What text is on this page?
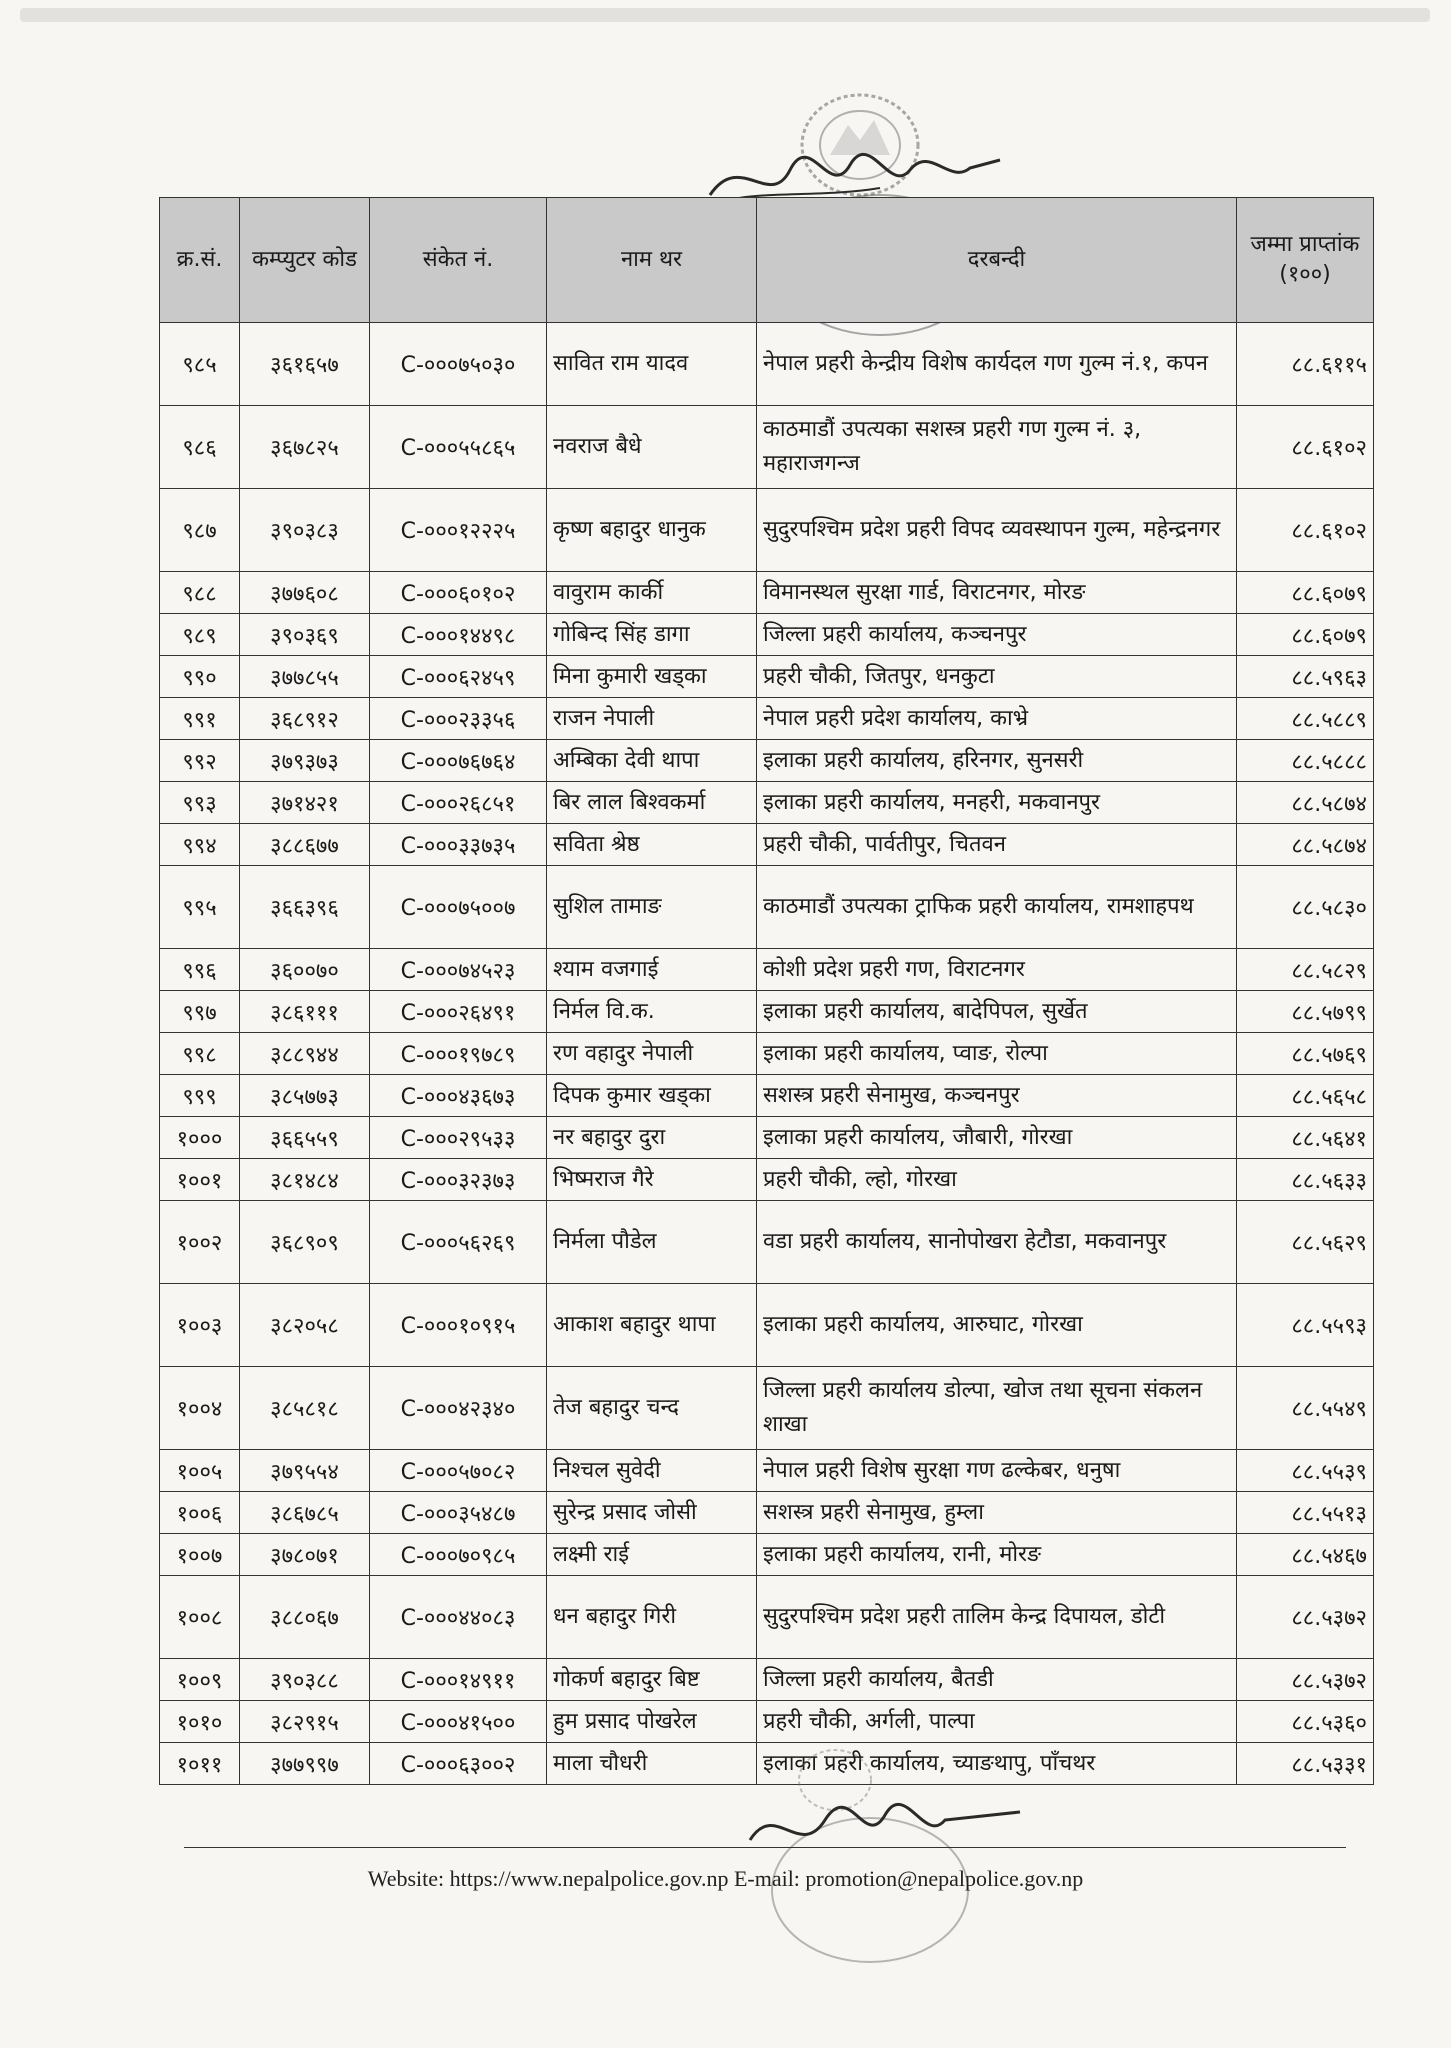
क्र.सं.	कम्प्युटर कोड	संकेत नं.	नाम थर	दरबन्दी	जम्मा प्राप्तांक (१००)
९८५	३६१६५७	C-०००७५०३०	सावित राम यादव	नेपाल प्रहरी केन्द्रीय विशेष कार्यदल गण गुल्म नं.१, कपन	८८.६११५
९८६	३६७८२५	C-०००५५८६५	नवराज बैधे	काठमाडौं उपत्यका सशस्त्र प्रहरी गण गुल्म नं. ३, महाराजगन्ज	८८.६१०२
९८७	३९०३८३	C-०००१२२२५	कृष्ण बहादुर धानुक	सुदुरपश्चिम प्रदेश प्रहरी विपद व्यवस्थापन गुल्म, महेन्द्रनगर	८८.६१०२
९८८	३७७६०८	C-०००६०१०२	वावुराम कार्की	विमानस्थल सुरक्षा गार्ड, विराटनगर, मोरङ	८८.६०७९
९८९	३९०३६९	C-०००१४४९८	गोबिन्द सिंह डागा	जिल्ला प्रहरी कार्यालय, कञ्चनपुर	८८.६०७९
९९०	३७७८५५	C-०००६२४५९	मिना कुमारी खड्का	प्रहरी चौकी, जितपुर, धनकुटा	८८.५९६३
९९१	३६८९१२	C-०००२३३५६	राजन नेपाली	नेपाल प्रहरी प्रदेश कार्यालय, काभ्रे	८८.५८८९
९९२	३७९३७३	C-०००७६७६४	अम्बिका देवी थापा	इलाका प्रहरी कार्यालय, हरिनगर, सुनसरी	८८.५८८८
९९३	३७१४२१	C-०००२६८५१	बिर लाल बिश्वकर्मा	इलाका प्रहरी कार्यालय, मनहरी, मकवानपुर	८८.५८७४
९९४	३८८६७७	C-०००३३७३५	सविता श्रेष्ठ	प्रहरी चौकी, पार्वतीपुर, चितवन	८८.५८७४
९९५	३६६३९६	C-०००७५००७	सुशिल तामाङ	काठमाडौं उपत्यका ट्राफिक प्रहरी कार्यालय, रामशाहपथ	८८.५८३०
९९६	३६००७०	C-०००७४५२३	श्याम वजगाई	कोशी प्रदेश प्रहरी गण, विराटनगर	८८.५८२९
९९७	३८६१११	C-०००२६४९१	निर्मल वि.क.	इलाका प्रहरी कार्यालय, बादेपिपल, सुर्खेत	८८.५७९९
९९८	३८८९४४	C-०००१९७८९	रण वहादुर नेपाली	इलाका प्रहरी कार्यालय, प्वाङ, रोल्पा	८८.५७६९
९९९	३८५७७३	C-०००४३६७३	दिपक कुमार खड्का	सशस्त्र प्रहरी सेनामुख, कञ्चनपुर	८८.५६५८
१०००	३६६५५९	C-०००२९५३३	नर बहादुर दुरा	इलाका प्रहरी कार्यालय, जौबारी, गोरखा	८८.५६४१
१००१	३८१४८४	C-०००३२३७३	भिष्मराज गैरे	प्रहरी चौकी, ल्हो, गोरखा	८८.५६३३
१००२	३६८९०९	C-०००५६२६९	निर्मला पौडेल	वडा प्रहरी कार्यालय, सानोपोखरा हेटौडा, मकवानपुर	८८.५६२९
१००३	३८२०५८	C-०००१०९१५	आकाश बहादुर थापा	इलाका प्रहरी कार्यालय, आरुघाट, गोरखा	८८.५५९३
१००४	३८५८१८	C-०००४२३४०	तेज बहादुर चन्द	जिल्ला प्रहरी कार्यालय डोल्पा, खोज तथा सूचना संकलन शाखा	८८.५५४९
१००५	३७९५५४	C-०००५७०८२	निश्चल सुवेदी	नेपाल प्रहरी विशेष सुरक्षा गण ढल्केबर, धनुषा	८८.५५३९
१००६	३८६७८५	C-०००३५४८७	सुरेन्द्र प्रसाद जोसी	सशस्त्र प्रहरी सेनामुख, हुम्ला	८८.५५१३
१००७	३७८०७१	C-०००७०९८५	लक्ष्मी राई	इलाका प्रहरी कार्यालय, रानी, मोरङ	८८.५४६७
१००८	३८८०६७	C-०००४४०८३	धन बहादुर गिरी	सुदुरपश्चिम प्रदेश प्रहरी तालिम केन्द्र दिपायल, डोटी	८८.५३७२
१००९	३९०३८८	C-०००१४९११	गोकर्ण बहादुर बिष्ट	जिल्ला प्रहरी कार्यालय, बैतडी	८८.५३७२
१०१०	३८२९१५	C-०००४१५००	हुम प्रसाद पोखरेल	प्रहरी चौकी, अर्गली, पाल्पा	८८.५३६०
१०११	३७७९९७	C-०००६३००२	माला चौधरी	इलाका प्रहरी कार्यालय, च्याङथापु, पाँचथर	८८.५३३१
Website: https://www.nepalpolice.gov.np E-mail: promotion@nepalpolice.gov.np
